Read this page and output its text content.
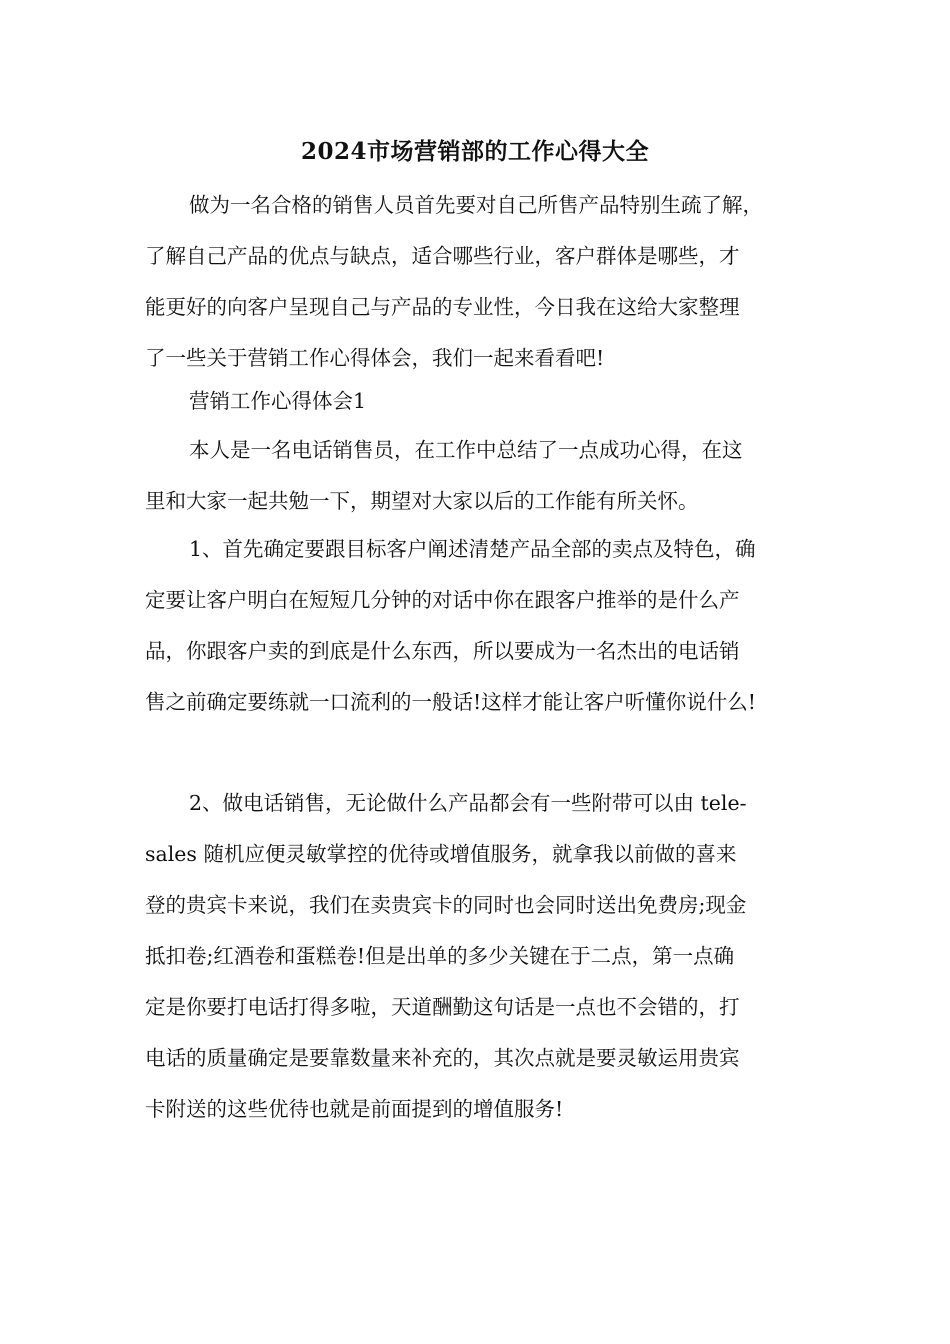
2024市场营销部的工作心得大全
做为一名合格的销售人员首先要对自己所售产品特别生疏了解，
了解自己产品的优点与缺点，适合哪些行业，客户群体是哪些，才
能更好的向客户呈现自己与产品的专业性，今日我在这给大家整理
了一些关于营销工作心得体会，我们一起来看看吧!
营销工作心得体会1
本人是一名电话销售员，在工作中总结了一点成功心得，在这
里和大家一起共勉一下，期望对大家以后的工作能有所关怀。
1、首先确定要跟目标客户阐述清楚产品全部的卖点及特色，确
定要让客户明白在短短几分钟的对话中你在跟客户推举的是什么产
品，你跟客户卖的到底是什么东西，所以要成为一名杰出的电话销
售之前确定要练就一口流利的一般话!这样才能让客户听懂你说什么!
2、做电话销售，无论做什么产品都会有一些附带可以由 tele-
sales 随机应便灵敏掌控的优待或增值服务，就拿我以前做的喜来
登的贵宾卡来说，我们在卖贵宾卡的同时也会同时送出免费房;现金
抵扣卷;红酒卷和蛋糕卷!但是出单的多少关键在于二点，第一点确
定是你要打电话打得多啦，天道酬勤这句话是一点也不会错的，打
电话的质量确定是要靠数量来补充的，其次点就是要灵敏运用贵宾
卡附送的这些优待也就是前面提到的增值服务!
